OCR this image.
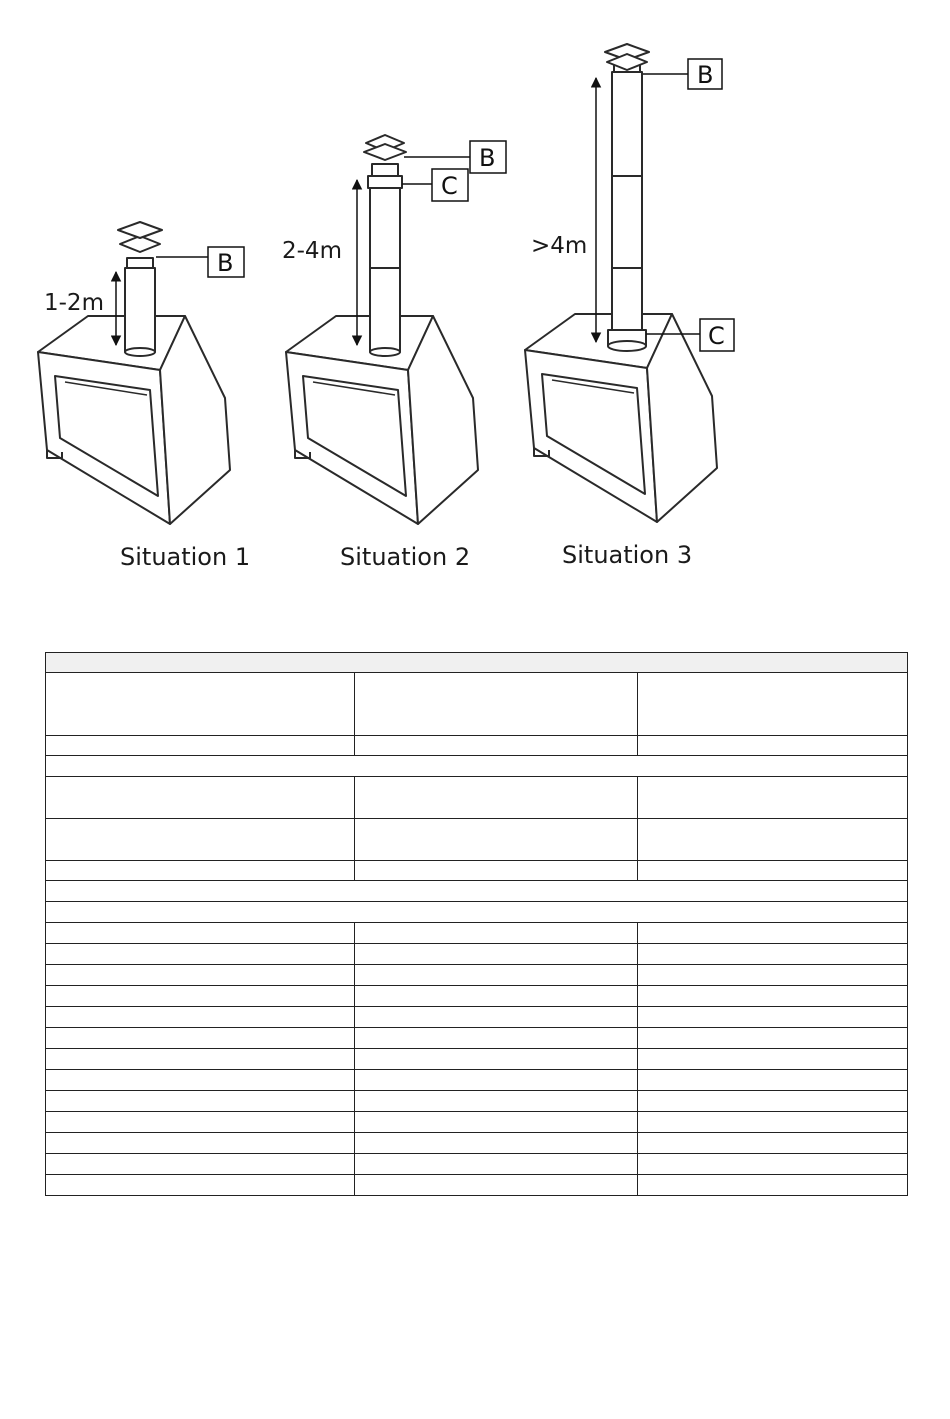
1-2m
B
Situation 1
2-4m
B
C
Situation 2
>4m
B
C
Situation 3
